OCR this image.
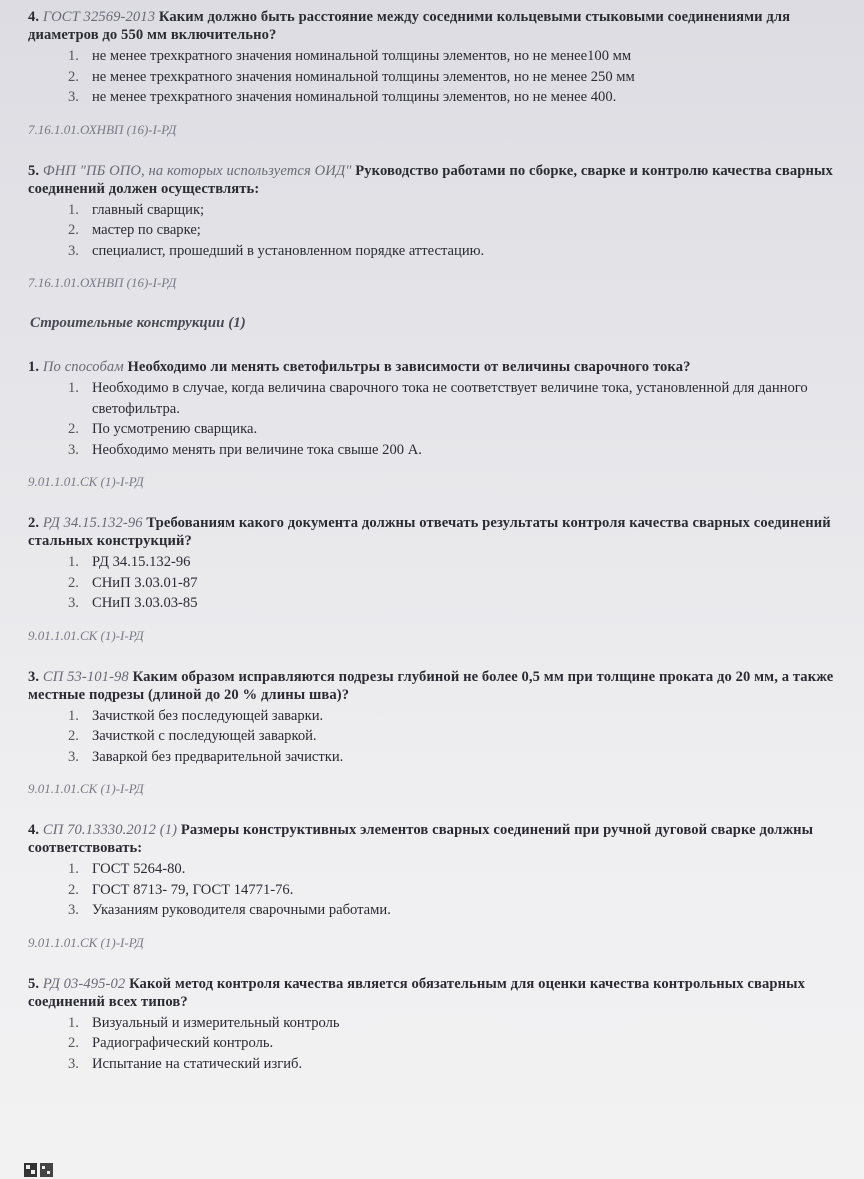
4. ГОСТ 32569-2013 Каким должно быть расстояние между соседними кольцевыми стыковыми соединениями для диаметров до 550 мм включительно?

1. не менее трехкратного значения номинальной толщины элементов, но не менее100 мм
2. не менее трехкратного значения номинальной толщины элементов, но не менее 250 мм
3. не менее трехкратного значения номинальной толщины элементов, но не менее 400.
7.16.1.01.ОХНВП (16)-I-РД

5. ФНП "ПБ ОПО, на которых используется ОИД" Руководство работами по сборке, сварке и контролю качества сварных соединений должен осуществлять:

1. главный сварщик;
2. мастер по сварке;
3. специалист, прошедший в установленном порядке аттестацию.
7.16.1.01.ОХНВП (16)-I-РД
Строительные конструкции (1)

1. По способам Необходимо ли менять светофильтры в зависимости от величины сварочного тока?

1. Необходимо в случае, когда величина сварочного тока не соответствует величине тока, установленной для данного светофильтра.
2. По усмотрению сварщика.
3. Необходимо менять при величине тока свыше 200 А.
9.01.1.01.СК (1)-I-РД

2. РД 34.15.132-96 Требованиям какого документа должны отвечать результаты контроля качества сварных соединений стальных конструкций?

1. РД 34.15.132-96
2. СНиП 3.03.01-87
3. СНиП 3.03.03-85
9.01.1.01.СК (1)-I-РД

3. СП 53-101-98 Каким образом исправляются подрезы глубиной не более 0,5 мм при толщине проката до 20 мм, а также местные подрезы (длиной до 20 % длины шва)?

1. Зачисткой без последующей заварки.
2. Зачисткой с последующей заваркой.
3. Заваркой без предварительной зачистки.
9.01.1.01.СК (1)-I-РД

4. СП 70.13330.2012 (1) Размеры конструктивных элементов сварных соединений при ручной дуговой сварке должны соответствовать:

1. ГОСТ 5264-80.
2. ГОСТ 8713- 79, ГОСТ 14771-76.
3. Указаниям руководителя сварочными работами.
9.01.1.01.СК (1)-I-РД

5. РД 03-495-02 Какой метод контроля качества является обязательным для оценки качества контрольных сварных соединений всех типов?

1. Визуальный и измерительный контроль
2. Радиографический контроль.
3. Испытание на статический изгиб.
